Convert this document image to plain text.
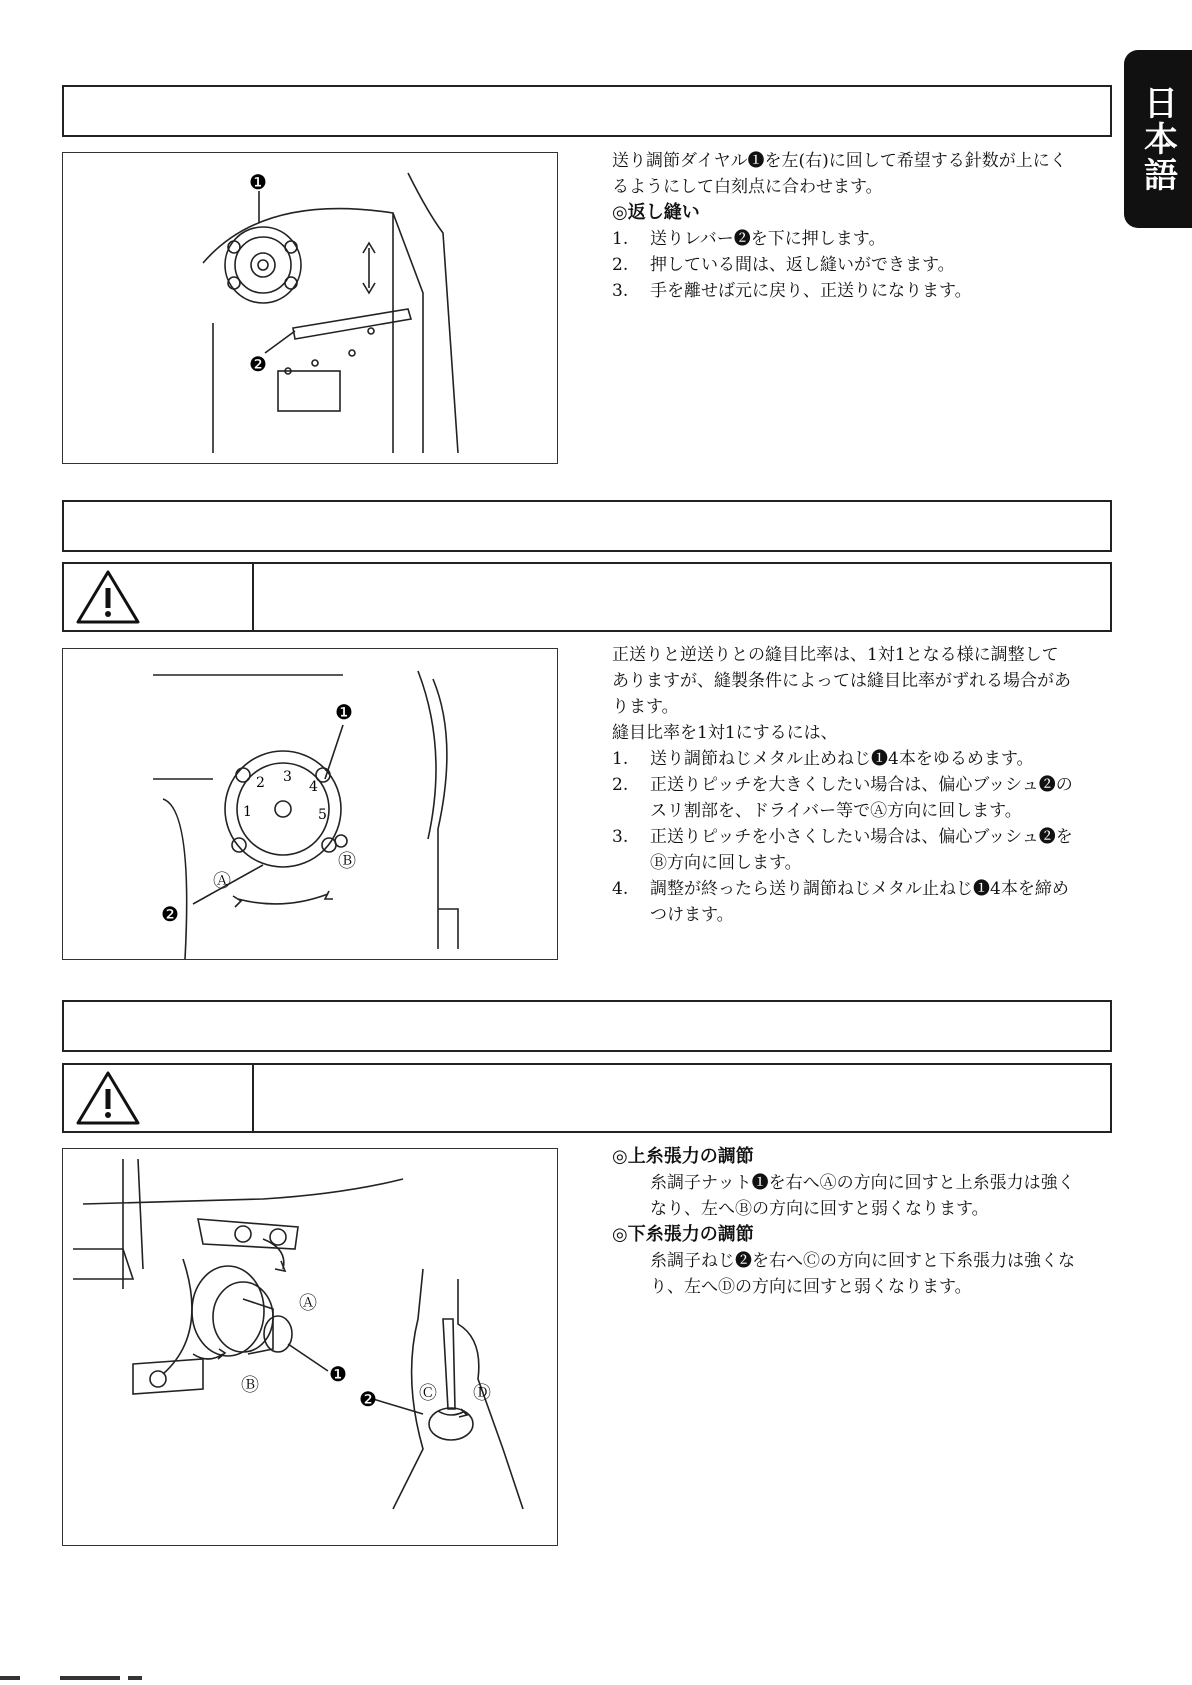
日本語
❶
❷

送り調節ダイヤル❶を左(右)に回して希望する針数が上にく

るようにして白刻点に合わせます。

◎返し縫い

1.	送りレバー❷を下に押します。

2.	押している間は、返し縫いができます。

3.	手を離せば元に戻り、正送りになります。

1
2 3
4
5
❶
❷
Ⓐ
Ⓑ

正送りと逆送りとの縫目比率は、1対1となる様に調整して

ありますが、縫製条件によっては縫目比率がずれる場合があ

ります。

縫目比率を1対1にするには、

1.	送り調節ねじメタル止めねじ❶4本をゆるめます。

2.	正送りピッチを大きくしたい場合は、偏心ブッシュ❷の

スリ割部を、ドライバー等でⒶ方向に回します。

3.	正送りピッチを小さくしたい場合は、偏心ブッシュ❷を

Ⓑ方向に回します。

4.	調整が終ったら送り調節ねじメタル止ねじ❶4本を締め

つけます。

Ⓐ
Ⓑ	❶
❷ Ⓒ Ⓓ

◎上糸張力の調節

糸調子ナット❶を右へⒶの方向に回すと上糸張力は強く

なり、左へⒷの方向に回すと弱くなります。

◎下糸張力の調節

糸調子ねじ❷を右へⒸの方向に回すと下糸張力は強くな

り、左へⒹの方向に回すと弱くなります。
